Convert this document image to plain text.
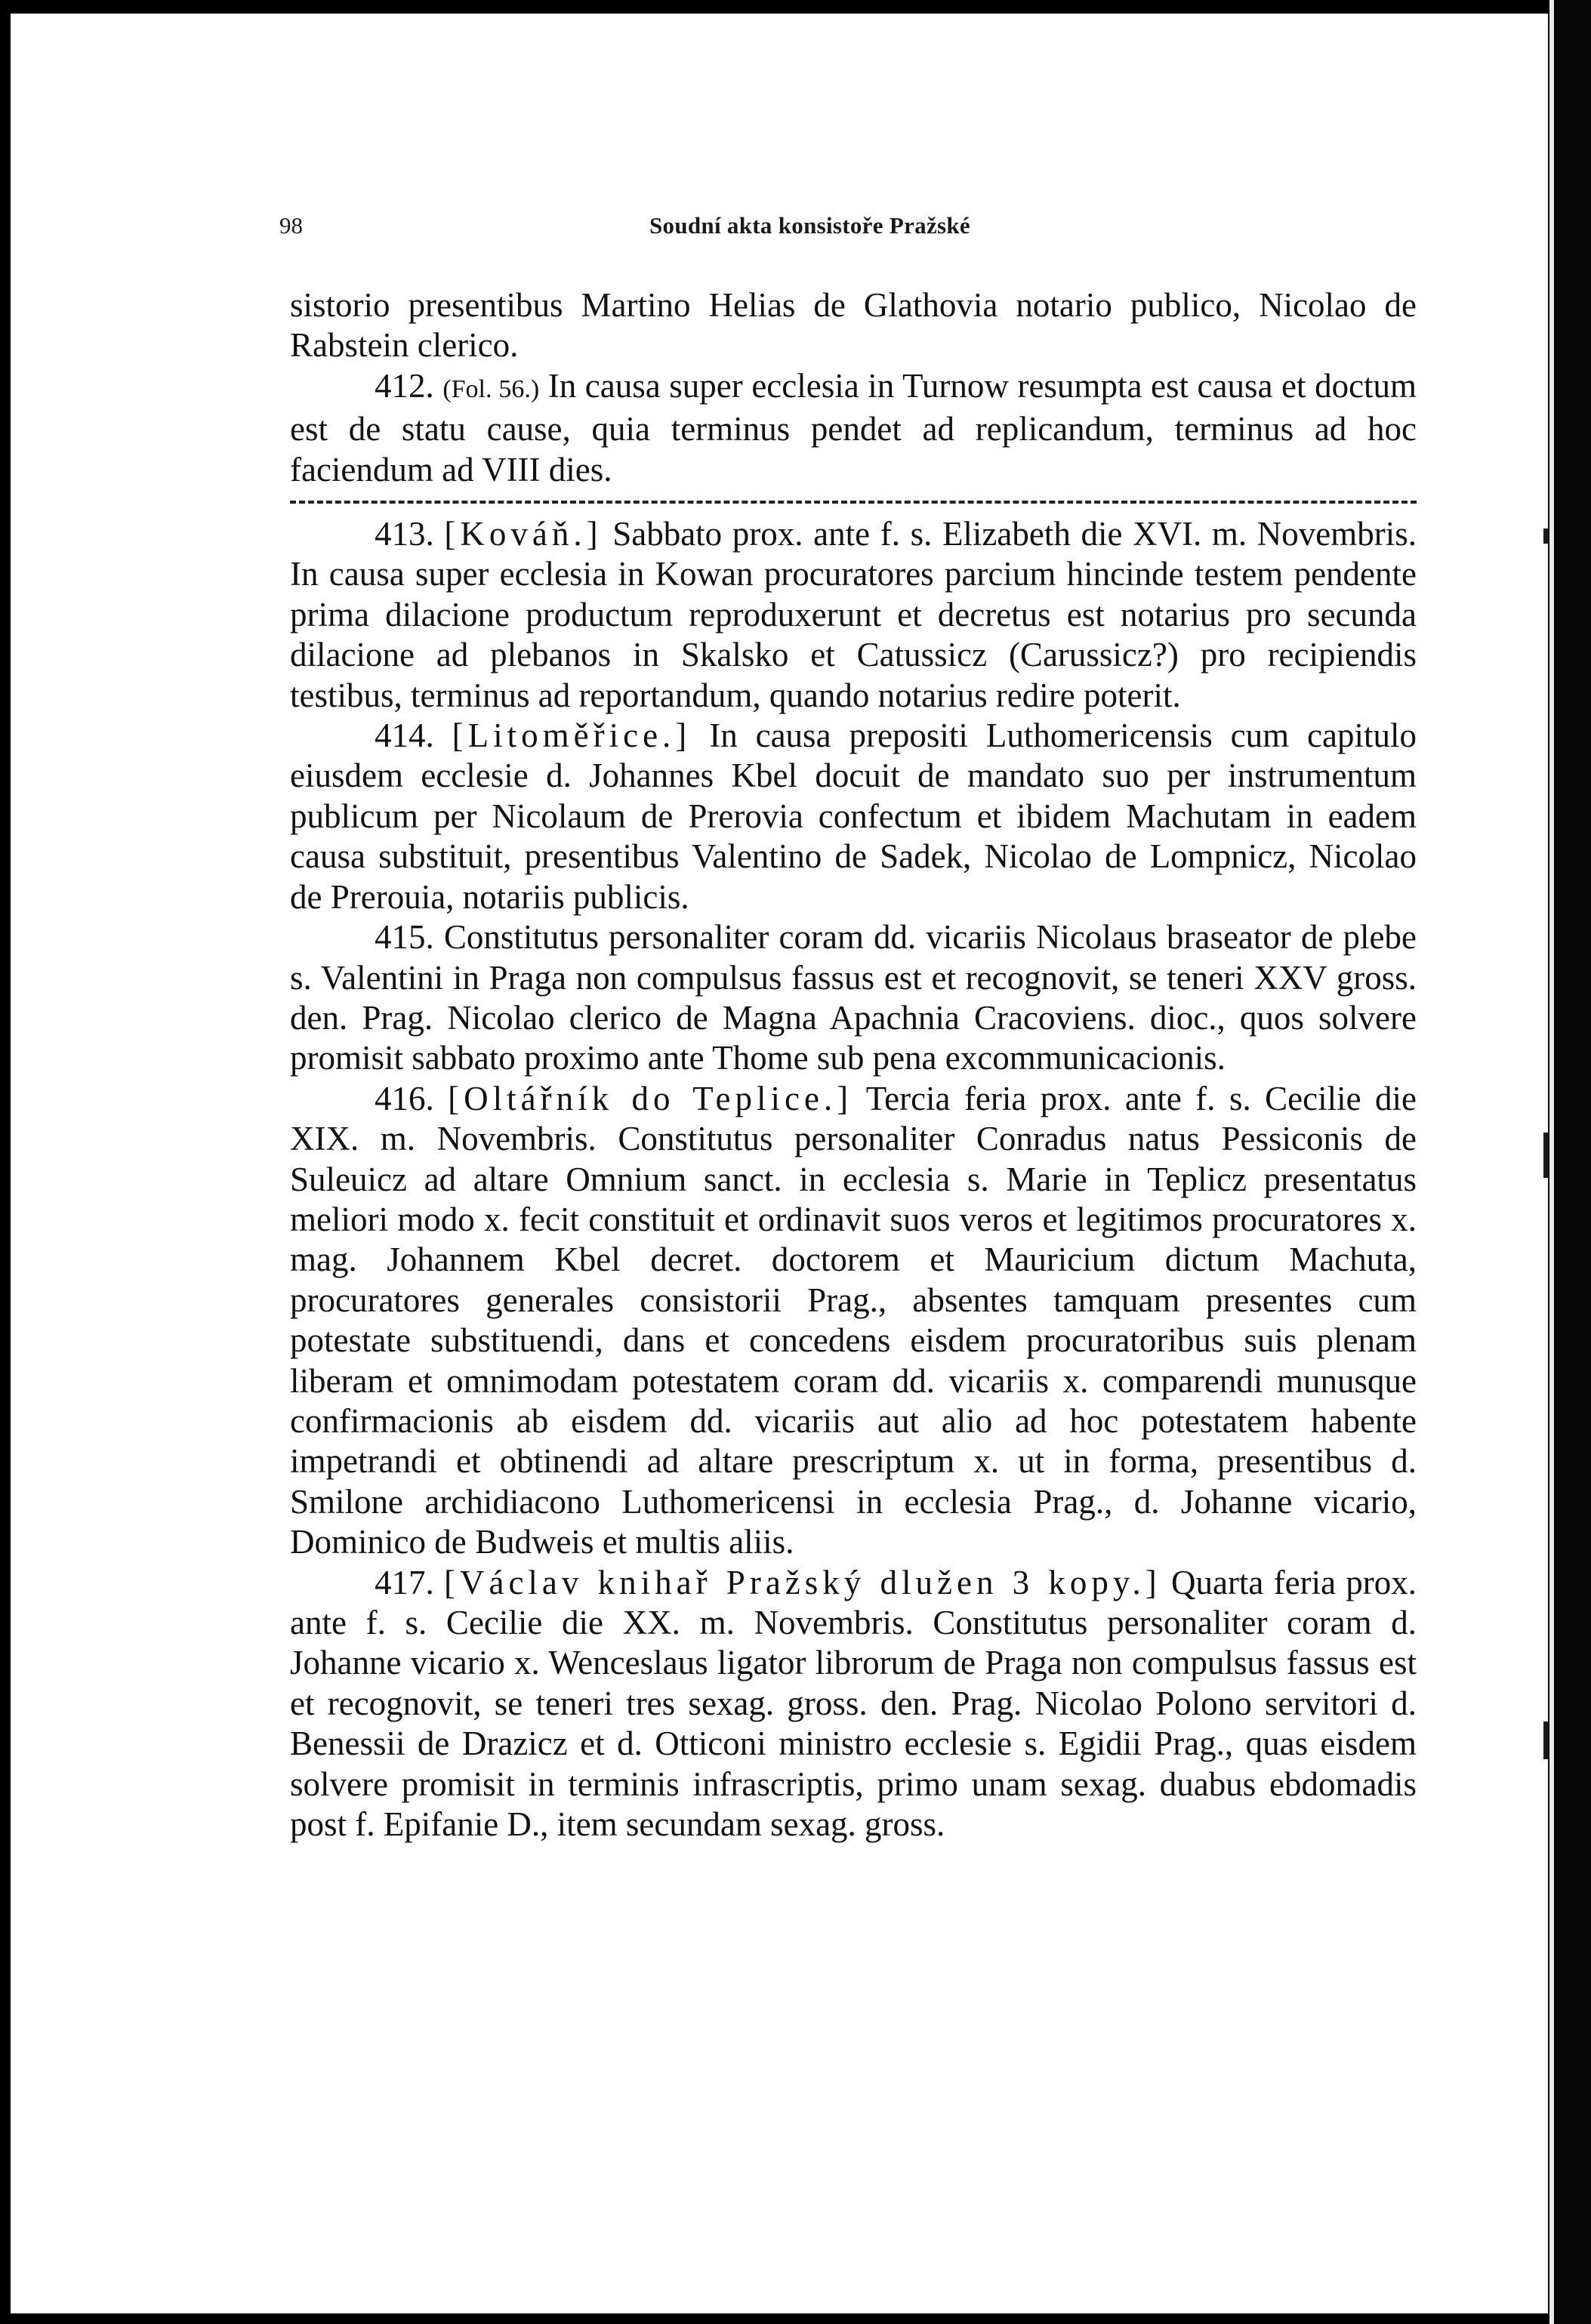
98	Soudní akta konsistoře Pražské

sistorio presentibus Martino Helias de Glathovia notario publico, Nicolao de Rabstein clerico.

412. (Fol. 56.) In causa super ecclesia in Turnow resumpta est causa et doctum est de statu cause, quia terminus pendet ad replicandum, terminus ad hoc faciendum ad VIII dies.

413. [Kováň.] Sabbato prox. ante f. s. Elizabeth die XVI. m. Novembris. In causa super ecclesia in Kowan procuratores parcium hincinde testem pendente prima dilacione productum reproduxerunt et decretus est notarius pro secunda dilacione ad plebanos in Skalsko et Catussicz (Carussicz?) pro recipiendis testibus, terminus ad reportandum, quando notarius redire poterit.

414. [Litoměřice.] In causa prepositi Luthomericensis cum capitulo eiusdem ecclesie d. Johannes Kbel docuit de mandato suo per instrumentum publicum per Nicolaum de Prerovia confectum et ibidem Machutam in eadem causa substituit, presentibus Valentino de Sadek, Nicolao de Lompnicz, Nicolao de Prerouia, notariis publicis.

415. Constitutus personaliter coram dd. vicariis Nicolaus braseator de plebe s. Valentini in Praga non compulsus fassus est et recognovit, se teneri XXV gross. den. Prag. Nicolao clerico de Magna Apachnia Cracoviens. dioc., quos solvere promisit sabbato proximo ante Thome sub pena excommunicacionis.

416. [Oltářník do Teplice.] Tercia feria prox. ante f. s. Cecilie die XIX. m. Novembris. Constitutus personaliter Conradus natus Pessiconis de Suleuicz ad altare Omnium sanct. in ecclesia s. Marie in Teplicz presentatus meliori modo x. fecit constituit et ordinavit suos veros et legitimos procuratores x. mag. Johannem Kbel decret. doctorem et Mauricium dictum Machuta, procuratores generales consistorii Prag., absentes tamquam presentes cum potestate substituendi, dans et concedens eisdem procuratoribus suis plenam liberam et omnimodam potestatem coram dd. vicariis x. comparendi munusque confirmacionis ab eisdem dd. vicariis aut alio ad hoc potestatem habente impetrandi et obtinendi ad altare prescriptum x. ut in forma, presentibus d. Smilone archidiacono Luthomericensi in ecclesia Prag., d. Johanne vicario, Dominico de Budweis et multis aliis.

417. [Václav knihař Pražský dlužen 3 kopy.] Quarta feria prox. ante f. s. Cecilie die XX. m. Novembris. Constitutus personaliter coram d. Johanne vicario x. Wenceslaus ligator librorum de Praga non compulsus fassus est et recognovit, se teneri tres sexag. gross. den. Prag. Nicolao Polono servitori d. Benessii de Drazicz et d. Otticoni ministro ecclesie s. Egidii Prag., quas eisdem solvere promisit in terminis infrascriptis, primo unam sexag. duabus ebdomadis post f. Epifanie D., item secundam sexag. gross.
